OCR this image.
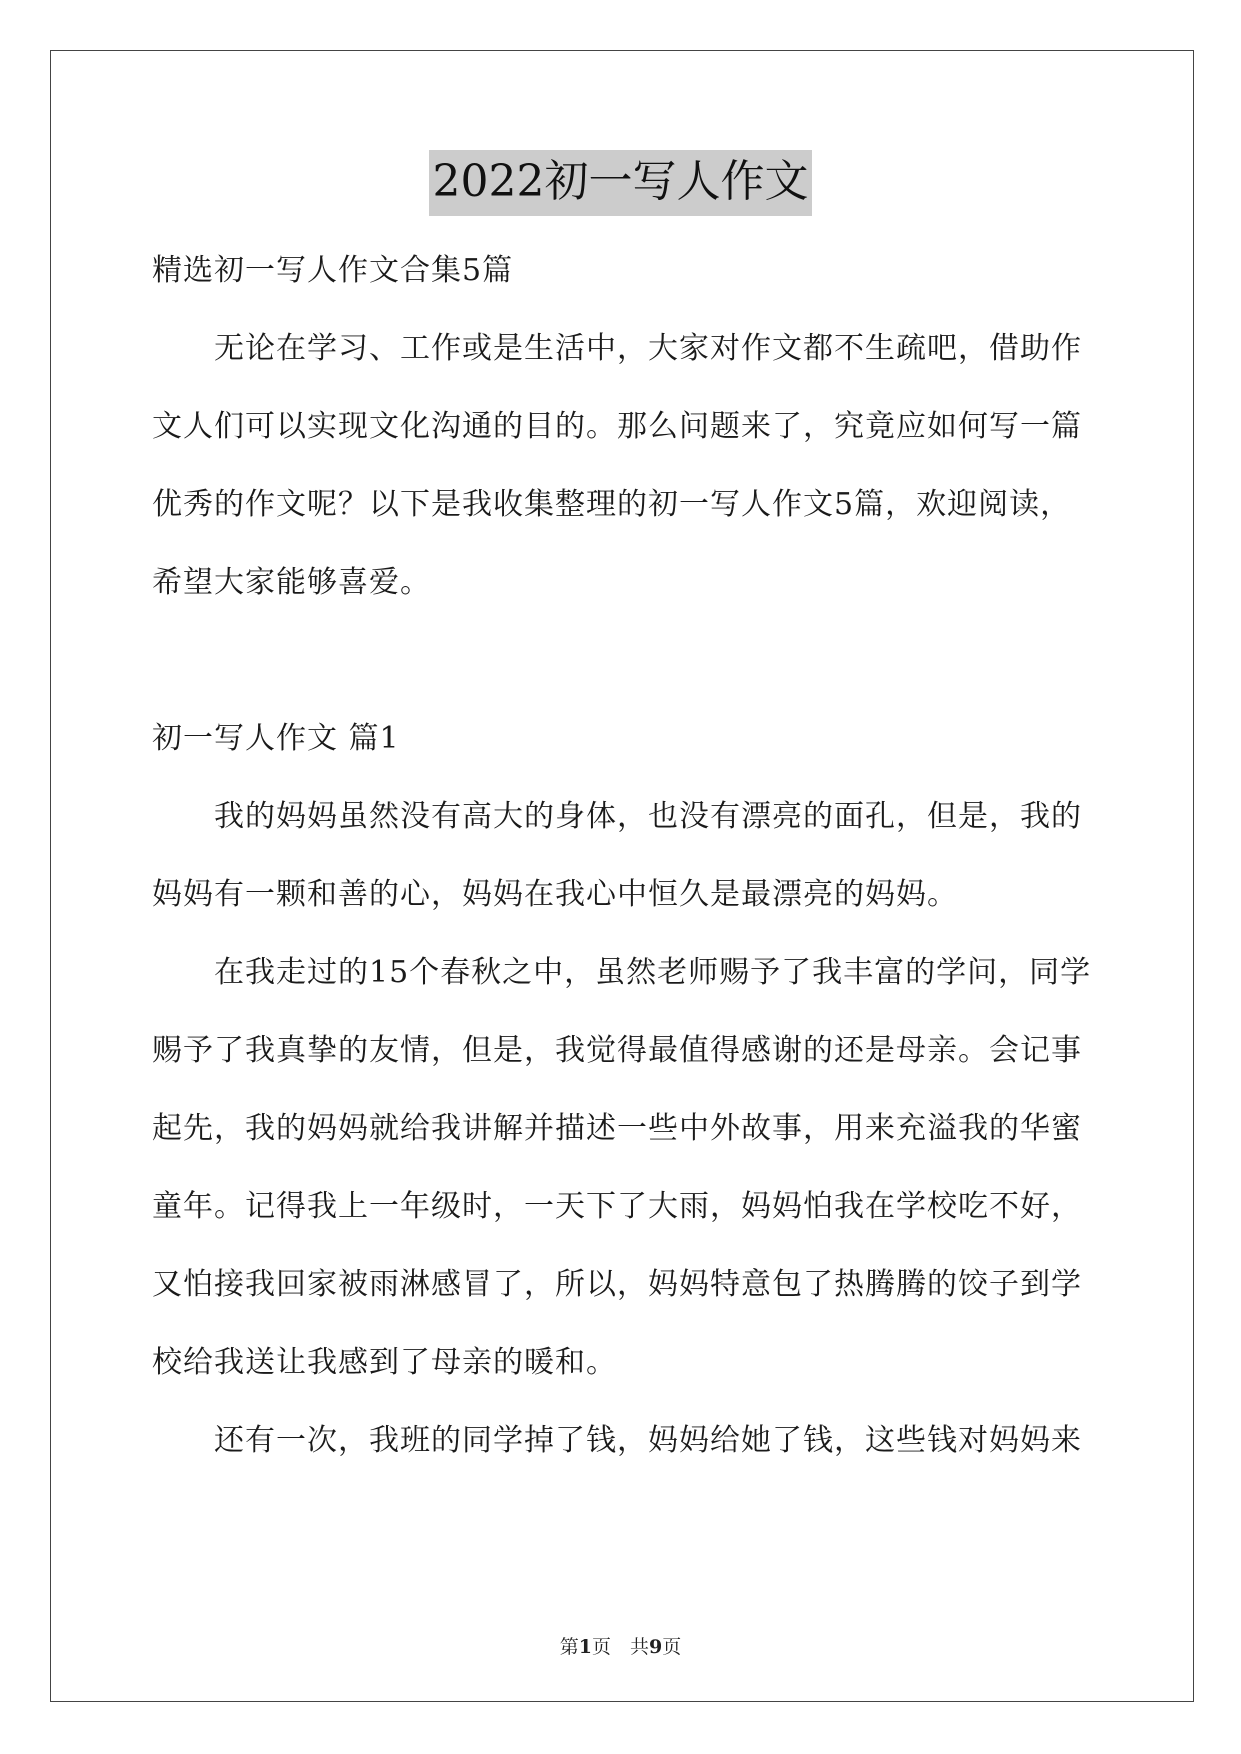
2022初一写人作文
精选初一写人作文合集5篇
无论在学习、工作或是生活中，大家对作文都不生疏吧，借助作
文人们可以实现文化沟通的目的。那么问题来了，究竟应如何写一篇
优秀的作文呢？以下是我收集整理的初一写人作文5篇，欢迎阅读，
希望大家能够喜爱。
初一写人作文 篇1
我的妈妈虽然没有高大的身体，也没有漂亮的面孔，但是，我的
妈妈有一颗和善的心，妈妈在我心中恒久是最漂亮的妈妈。
在我走过的15个春秋之中，虽然老师赐予了我丰富的学问，同学
赐予了我真挚的友情，但是，我觉得最值得感谢的还是母亲。会记事
起先，我的妈妈就给我讲解并描述一些中外故事，用来充溢我的华蜜
童年。记得我上一年级时，一天下了大雨，妈妈怕我在学校吃不好，
又怕接我回家被雨淋感冒了，所以，妈妈特意包了热腾腾的饺子到学
校给我送让我感到了母亲的暖和。
还有一次，我班的同学掉了钱，妈妈给她了钱，这些钱对妈妈来
第1页　共9页
